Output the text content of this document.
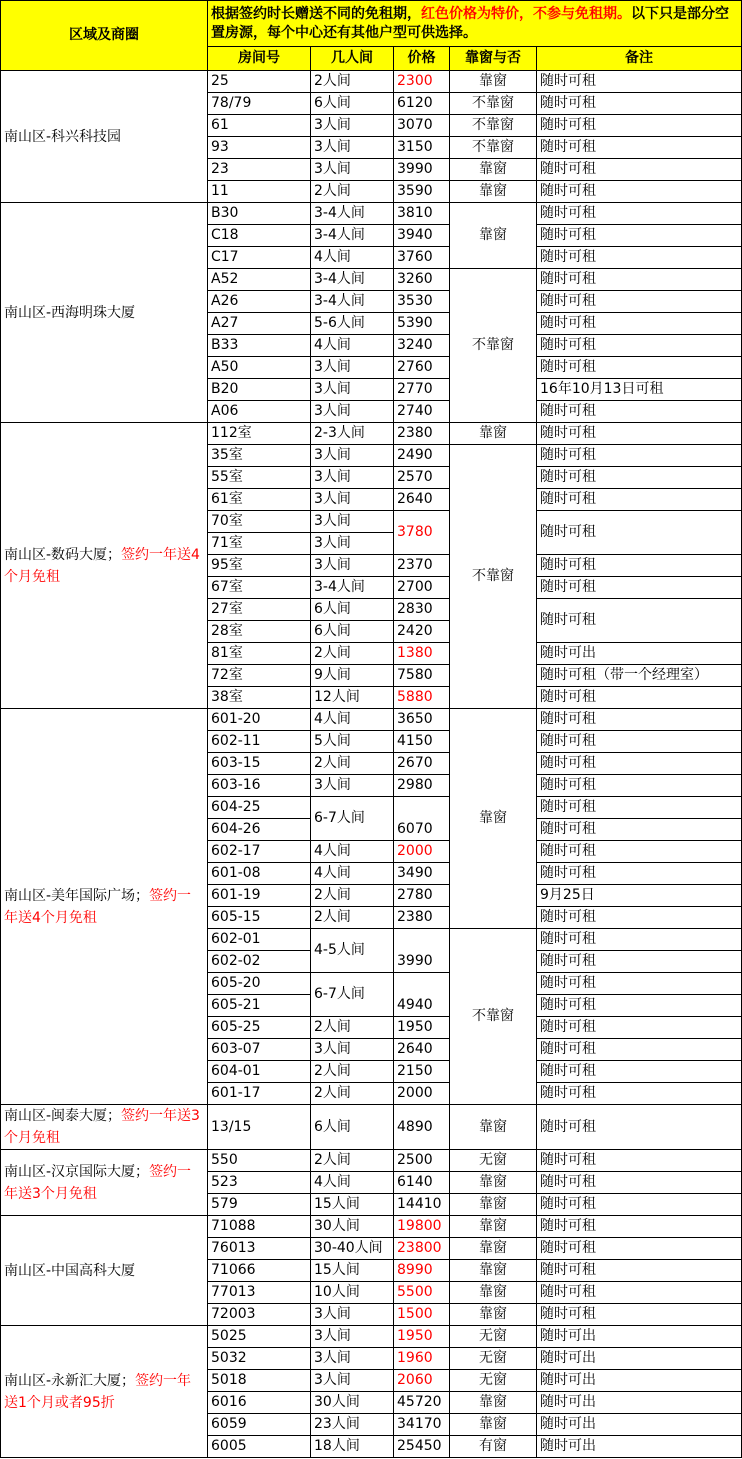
区域及商圈	根据签约时长赠送不同的免租期，红色价格为特价，不参与免租期。以下只是部分空置房源，每个中心还有其他户型可供选择。				
	房间号	几人间	价格	靠窗与否	备注
南山区-科兴科技园	25	2人间	2300	靠窗	随时可租
	78/79	6人间	6120	不靠窗	随时可租
	61	3人间	3070	不靠窗	随时可租
	93	3人间	3150	不靠窗	随时可租
	23	3人间	3990	靠窗	随时可租
	11	2人间	3590	靠窗	随时可租
南山区-西海明珠大厦	B30	3-4人间	3810	靠窗	随时可租
	C18	3-4人间	3940		随时可租
	C17	4人间	3760		随时可租
	A52	3-4人间	3260	不靠窗	随时可租
	A26	3-4人间	3530		随时可租
	A27	5-6人间	5390		随时可租
	B33	4人间	3240		随时可租
	A50	3人间	2760		随时可租
	B20	3人间	2770		16年10月13日可租
	A06	3人间	2740		随时可租
南山区-数码大厦；签约一年送4个月免租	112室	2-3人间	2380	靠窗	随时可租
	35室	3人间	2490	不靠窗	随时可租
	55室	3人间	2570		随时可租
	61室	3人间	2640		随时可租
	70室	3人间	3780		随时可租
	71室	3人间			
	95室	3人间	2370		随时可租
	67室	3-4人间	2700		随时可租
	27室	6人间	2830		随时可租
	28室	6人间	2420		
	81室	2人间	1380		随时可出
	72室	9人间	7580		随时可租（带一个经理室）
	38室	12人间	5880		随时可租
南山区-美年国际广场；签约一年送4个月免租	601-20	4人间	3650	靠窗	随时可租
	602-11	5人间	4150		随时可租
	603-15	2人间	2670		随时可租
	603-16	3人间	2980		随时可租
	604-25	6-7人间	6070		随时可租
	604-26				随时可租
	602-17	4人间	2000		随时可租
	601-08	4人间	3490		随时可租
	601-19	2人间	2780		9月25日
	605-15	2人间	2380		随时可租
	602-01	4-5人间	3990	不靠窗	随时可租
	602-02				随时可租
	605-20	6-7人间	4940		随时可租
	605-21				随时可租
	605-25	2人间	1950		随时可租
	603-07	3人间	2640		随时可租
	604-01	2人间	2150		随时可租
	601-17	2人间	2000		随时可租
南山区-闽泰大厦；签约一年送3个月免租	13/15	6人间	4890	靠窗	随时可租
南山区-汉京国际大厦；签约一年送3个月免租	550	2人间	2500	无窗	随时可租
	523	4人间	6140	靠窗	随时可租
	579	15人间	14410	靠窗	随时可租
南山区-中国高科大厦	71088	30人间	19800	靠窗	随时可租
	76013	30-40人间	23800	靠窗	随时可租
	71066	15人间	8990	靠窗	随时可租
	77013	10人间	5500	靠窗	随时可租
	72003	3人间	1500	靠窗	随时可租
南山区-永新汇大厦；签约一年送1个月或者95折	5025	3人间	1950	无窗	随时可出
	5032	3人间	1960	无窗	随时可出
	5018	3人间	2060	无窗	随时可出
	6016	30人间	45720	靠窗	随时可出
	6059	23人间	34170	靠窗	随时可出
	6005	18人间	25450	有窗	随时可出
